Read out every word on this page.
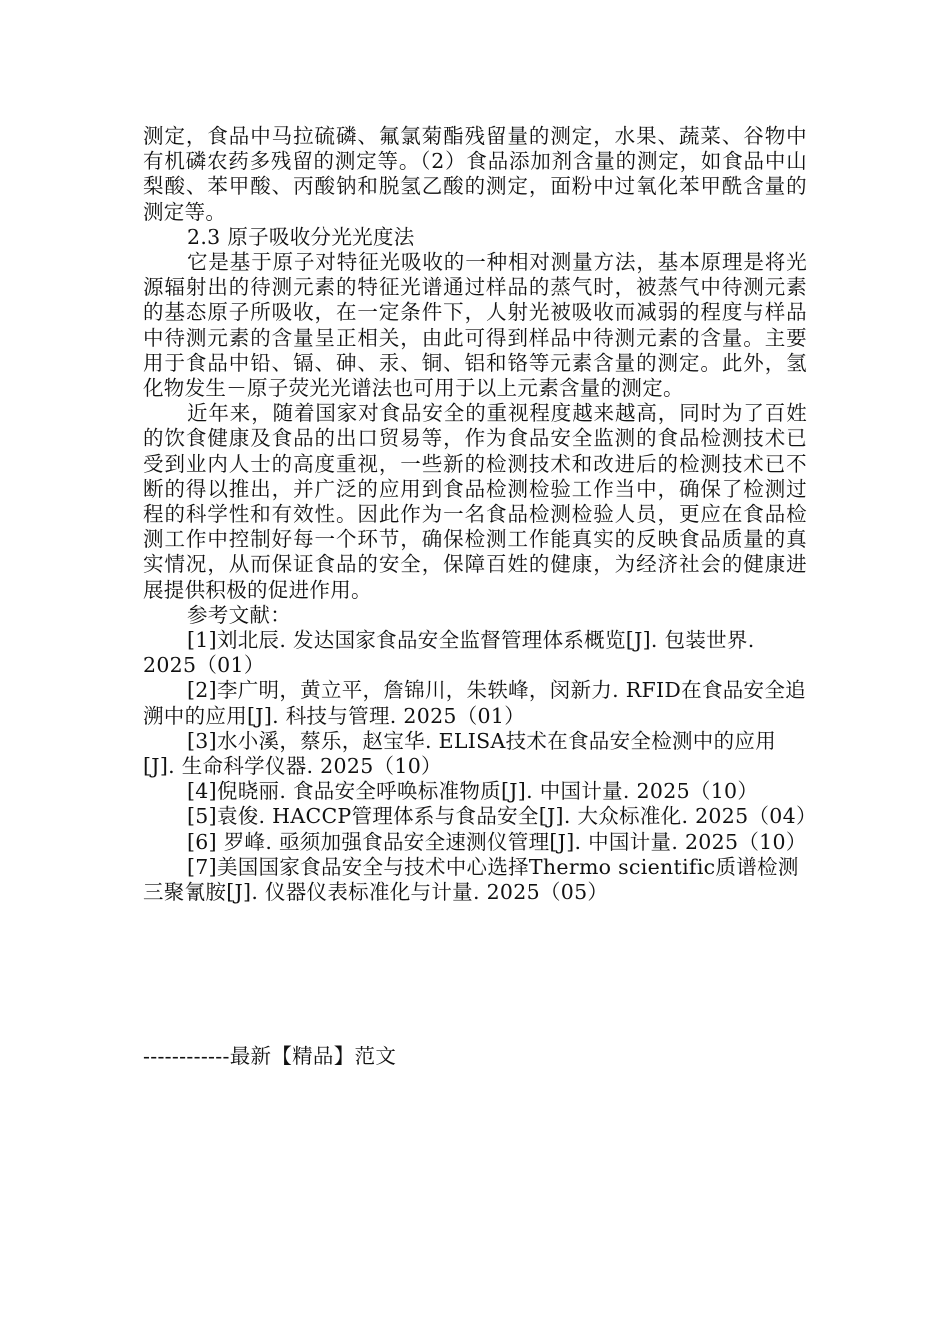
测定，食品中马拉硫磷、氟氯菊酯残留量的测定，水果、蔬菜、谷物中有机磷农药多残留的测定等。（2）食品添加剂含量的测定，如食品中山梨酸、苯甲酸、丙酸钠和脱氢乙酸的测定，面粉中过氧化苯甲酰含量的测定等。

2.3 原子吸收分光光度法

它是基于原子对特征光吸收的一种相对测量方法，基本原理是将光源辐射出的待测元素的特征光谱通过样品的蒸气时，被蒸气中待测元素的基态原子所吸收，在一定条件下，人射光被吸收而减弱的程度与样品中待测元素的含量呈正相关，由此可得到样品中待测元素的含量。主要用于食品中铅、镉、砷、汞、铜、铝和铬等元素含量的测定。此外，氢化物发生－原子荧光光谱法也可用于以上元素含量的测定。

近年来，随着国家对食品安全的重视程度越来越高，同时为了百姓的饮食健康及食品的出口贸易等，作为食品安全监测的食品检测技术已受到业内人士的高度重视，一些新的检测技术和改进后的检测技术已不断的得以推出，并广泛的应用到食品检测检验工作当中，确保了检测过程的科学性和有效性。因此作为一名食品检测检验人员，更应在食品检测工作中控制好每一个环节，确保检测工作能真实的反映食品质量的真实情况，从而保证食品的安全，保障百姓的健康，为经济社会的健康进展提供积极的促进作用。

参考文献：

[1]刘北辰. 发达国家食品安全监督管理体系概览[J]. 包装世界. 2025（01）

[2]李广明，黄立平，詹锦川，朱轶峰，闵新力. RFID在食品安全追溯中的应用[J]. 科技与管理. 2025（01）

[3]水小溪，蔡乐，赵宝华. ELISA技术在食品安全检测中的应用[J]. 生命科学仪器. 2025（10）

[4]倪晓丽. 食品安全呼唤标准物质[J]. 中国计量. 2025（10）

[5]袁俊. HACCP管理体系与食品安全[J]. 大众标准化. 2025（04）

[6] 罗峰. 亟须加强食品安全速测仪管理[J]. 中国计量. 2025（10）

[7]美国国家食品安全与技术中心选择Thermo scientific质谱检测三聚氰胺[J]. 仪器仪表标准化与计量. 2025（05）

------------最新【精品】范文
